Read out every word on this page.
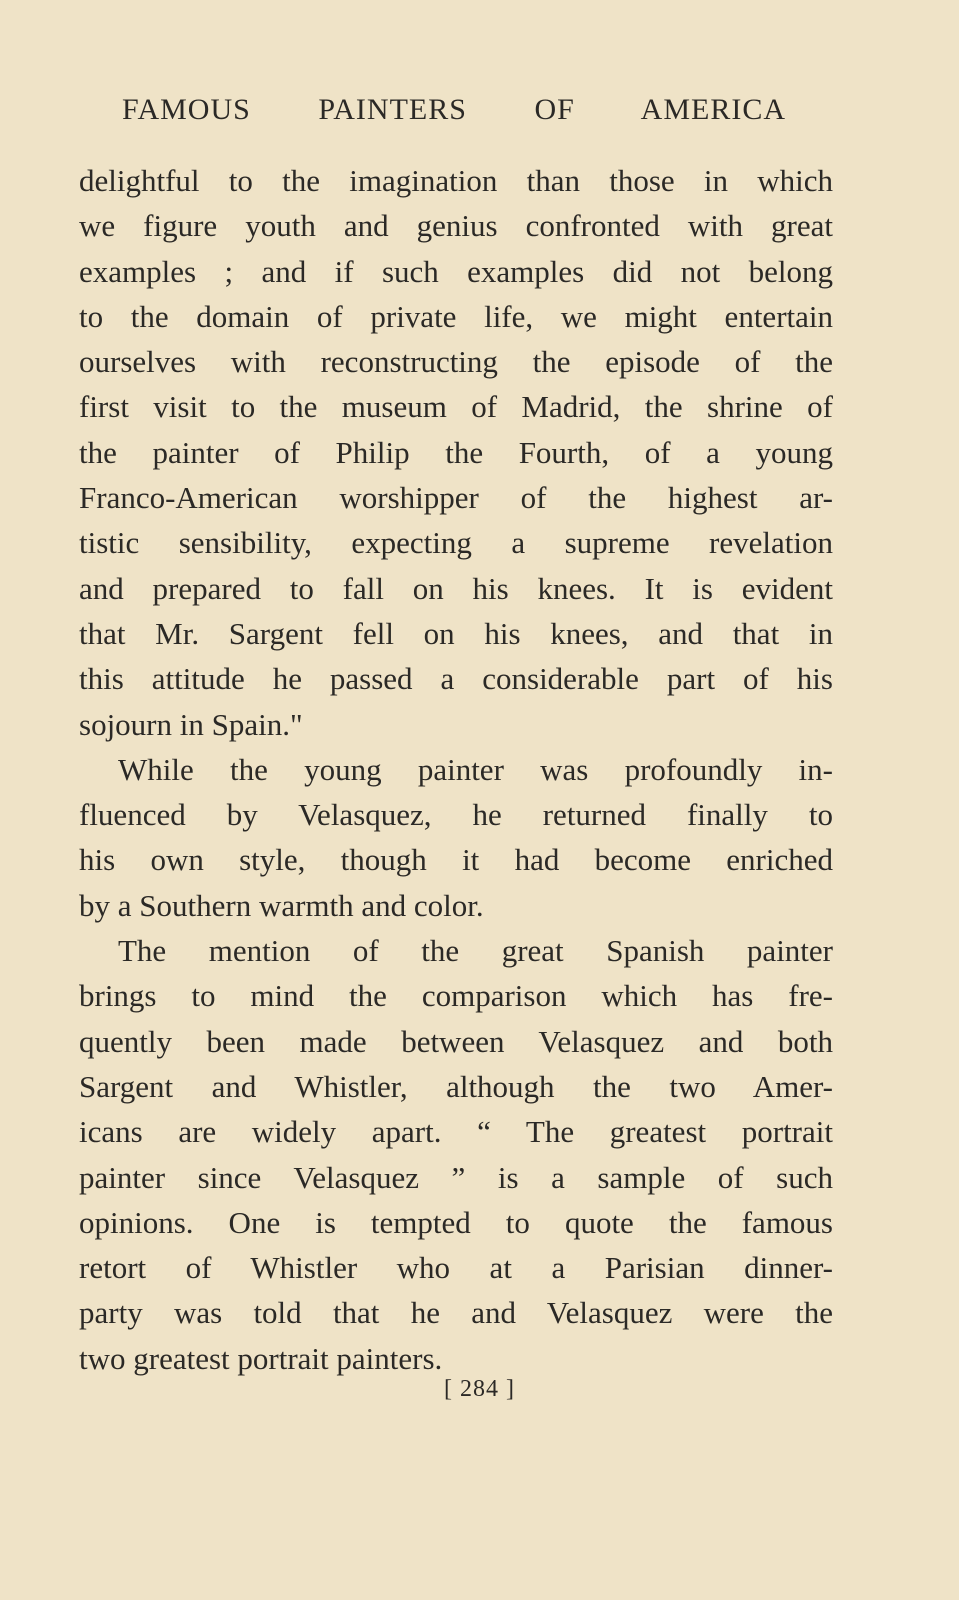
FAMOUS PAINTERS OF AMERICA
delightful to the imagination than those in which
we figure youth and genius confronted with great
examples ; and if such examples did not belong
to the domain of private life, we might entertain
ourselves with reconstructing the episode of the
first visit to the museum of Madrid, the shrine of
the painter of Philip the Fourth, of a young
Franco-American worshipper of the highest ar-
tistic sensibility, expecting a supreme revelation
and prepared to fall on his knees. It is evident
that Mr. Sargent fell on his knees, and that in
this attitude he passed a considerable part of his
sojourn in Spain."
While the young painter was profoundly in-
fluenced by Velasquez, he returned finally to
his own style, though it had become enriched
by a Southern warmth and color.
The mention of the great Spanish painter
brings to mind the comparison which has fre-
quently been made between Velasquez and both
Sargent and Whistler, although the two Amer-
icans are widely apart. “ The greatest portrait
painter since Velasquez ” is a sample of such
opinions. One is tempted to quote the famous
retort of Whistler who at a Parisian dinner-
party was told that he and Velasquez were the
two greatest portrait painters.
[ 284 ]
